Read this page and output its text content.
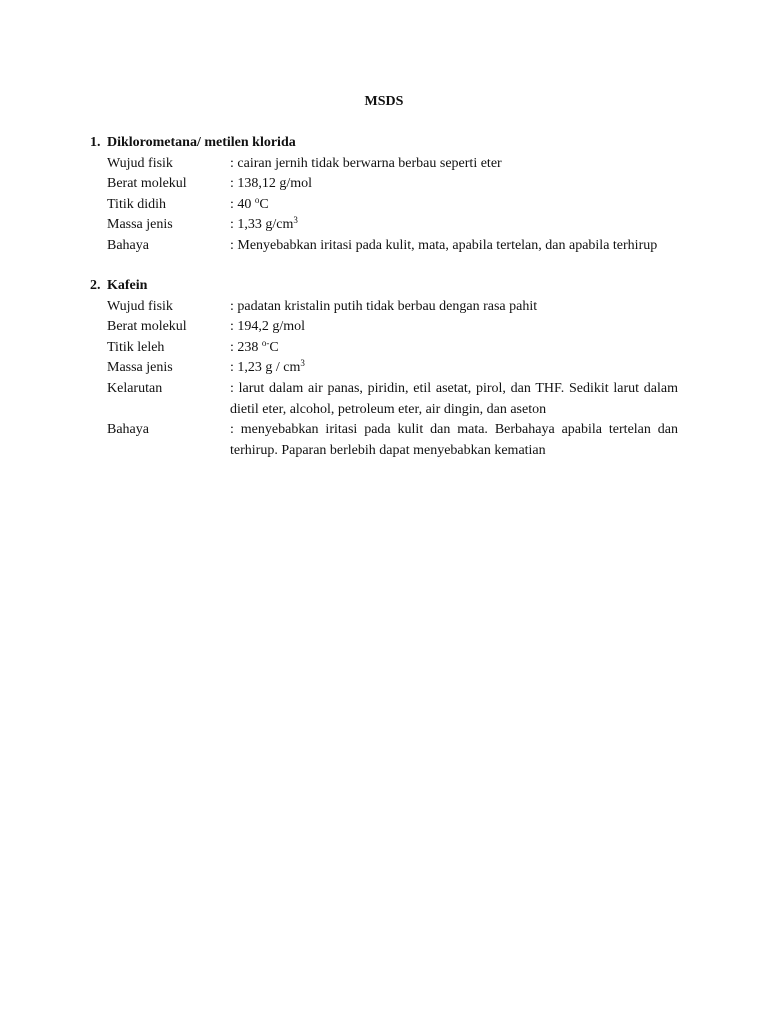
MSDS
1. Diklorometana/ metilen klorida
Wujud fisik	: cairan jernih tidak berwarna berbau seperti eter
Berat molekul	: 138,12 g/mol
Titik didih	: 40 $^o$C
Massa jenis	: 1,33 $g/cm^3$
Bahaya	: Menyebabkan iritasi pada kulit, mata, apabila tertelan, dan apabila terhirup
2. Kafein
Wujud fisik	: padatan kristalin putih tidak berbau dengan rasa pahit
Berat molekul	: 194,2 g/mol
Titik leleh	: 238 $^{o-}$C
Massa jenis	: 1,23 g / $cm^3$
Kelarutan	: larut dalam air panas, piridin, etil asetat, pirol, dan THF. Sedikit larut dalam dietil eter, alcohol, petroleum eter, air dingin, dan aseton
Bahaya	: menyebabkan iritasi pada kulit dan mata. Berbahaya apabila tertelan dan terhirup. Paparan berlebih dapat menyebabkan kematian
